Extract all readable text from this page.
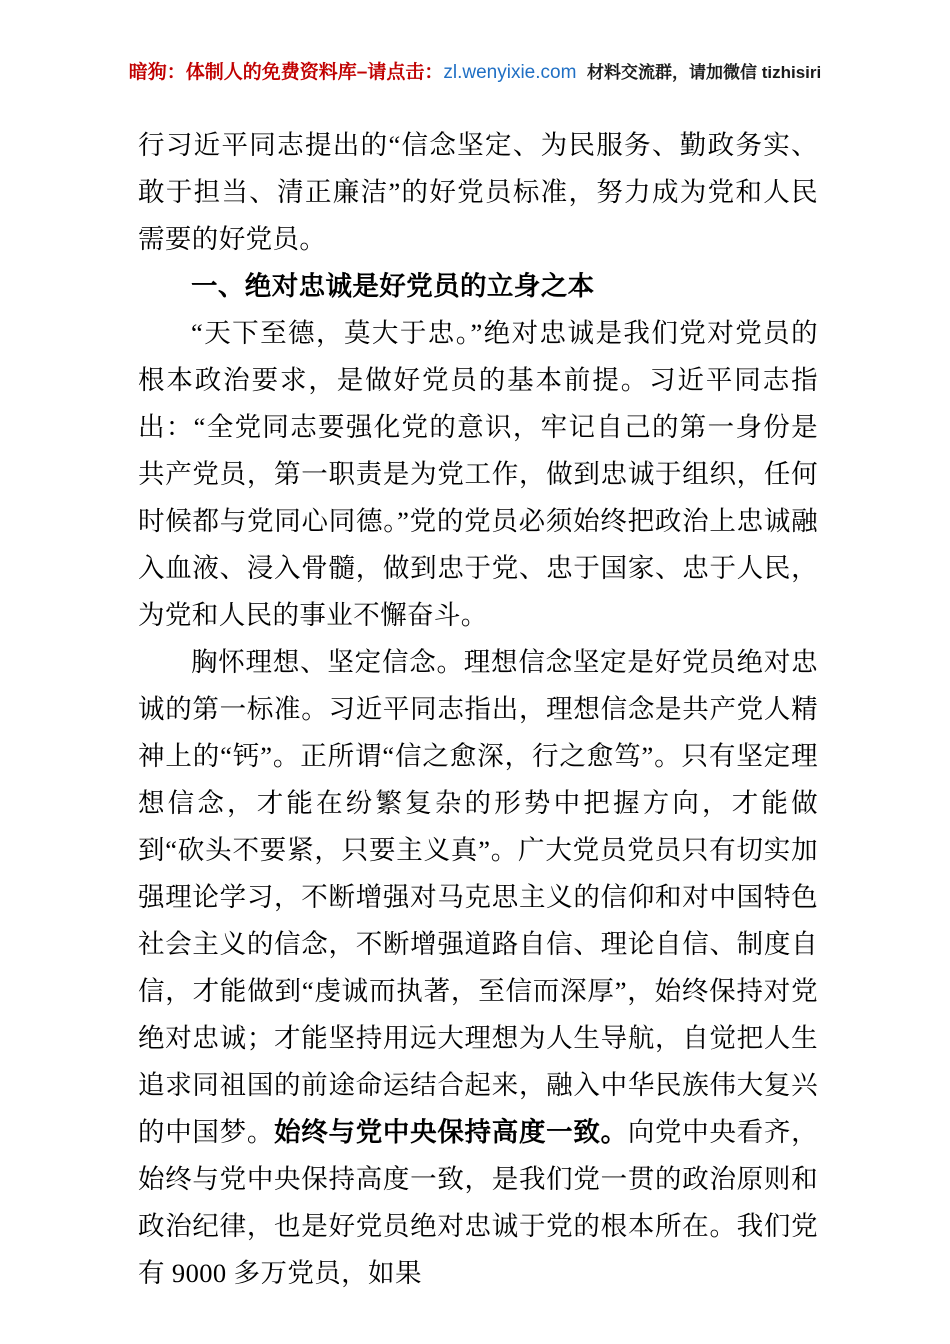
暗狗：体制人的免费资料库–请点击：zl.wenyixie.com 材料交流群，请加微信 tizhisiri

行习近平同志提出的“信念坚定、为民服务、勤政务实、敢于担当、清正廉洁”的好党员标准，努力成为党和人民需要的好党员。

一、绝对忠诚是好党员的立身之本

“天下至德，莫大于忠。”绝对忠诚是我们党对党员的根本政治要求，是做好党员的基本前提。习近平同志指出：“全党同志要强化党的意识，牢记自己的第一身份是共产党员，第一职责是为党工作，做到忠诚于组织，任何时候都与党同心同德。”党的党员必须始终把政治上忠诚融入血液、浸入骨髓，做到忠于党、忠于国家、忠于人民，为党和人民的事业不懈奋斗。

胸怀理想、坚定信念。理想信念坚定是好党员绝对忠诚的第一标准。习近平同志指出，理想信念是共产党人精神上的“钙”。正所谓“信之愈深，行之愈笃”。只有坚定理想信念，才能在纷繁复杂的形势中把握方向，才能做到“砍头不要紧，只要主义真”。广大党员党员只有切实加强理论学习，不断增强对马克思主义的信仰和对中国特色社会主义的信念，不断增强道路自信、理论自信、制度自信，才能做到“虔诚而执著，至信而深厚”，始终保持对党绝对忠诚；才能坚持用远大理想为人生导航，自觉把人生追求同祖国的前途命运结合起来，融入中华民族伟大复兴的中国梦。始终与党中央保持高度一致。向党中央看齐，始终与党中央保持高度一致，是我们党一贯的政治原则和政治纪律，也是好党员绝对忠诚于党的根本所在。我们党有 9000 多万党员，如果
